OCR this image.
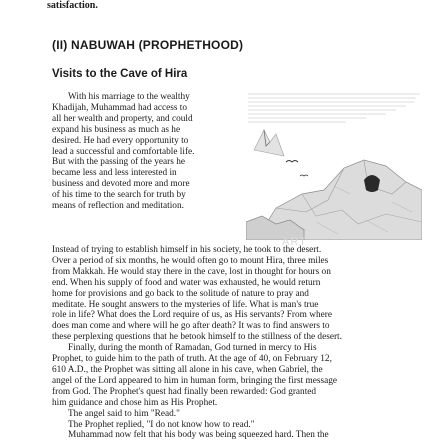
satisfaction.
(II) NABUWAH (PROPHETHOOD)
Visits to the Cave of Hira
With his marriage to the wealthy
Khadijah, Muhammad had access to
all her wealth and property, and could
expand his business as much as he
desired. He had every opportunity to
lead a successful and comfortable life.
But with the passing of the years he
became less and less interested in
business and devoted more and more
of his time to the search for truth by
means of reflection and meditation.
ART
Instead of trying to establish himself in his society, he took to the desert.
Over a period of six months, he would often go to mount Hira, three miles
from Makkah. He would stay there in the cave, lost in thought for hours on
end. When his supply of food and water was exhausted, he would return
home for provisions and go back to the solitude of nature to pray and
meditate. He sought answers to the mysteries of life. What is man's true
role in life? What does the Lord require of us, as His servants? From where
does man come and where will he go after death? It was to find answers to
these perplexing questions that he betook himself to the stillness of the desert.
Finally, during the month of Ramadan, God turned in mercy to His
Prophet, to guide him to the path of truth. At the age of 40, on February 12,
610 A.D., the Prophet was sitting all alone in his cave, when Gabriel, the
angel of the Lord appeared to him in human form, bringing the first message
from God. The Prophet's quest had finally been rewarded: God granted
him guidance and chose him as His Prophet.
The angel said to him "Read."
The Prophet replied, "I do not know how to read."
Muhammad now felt that his body was being squeezed hard. Then the
